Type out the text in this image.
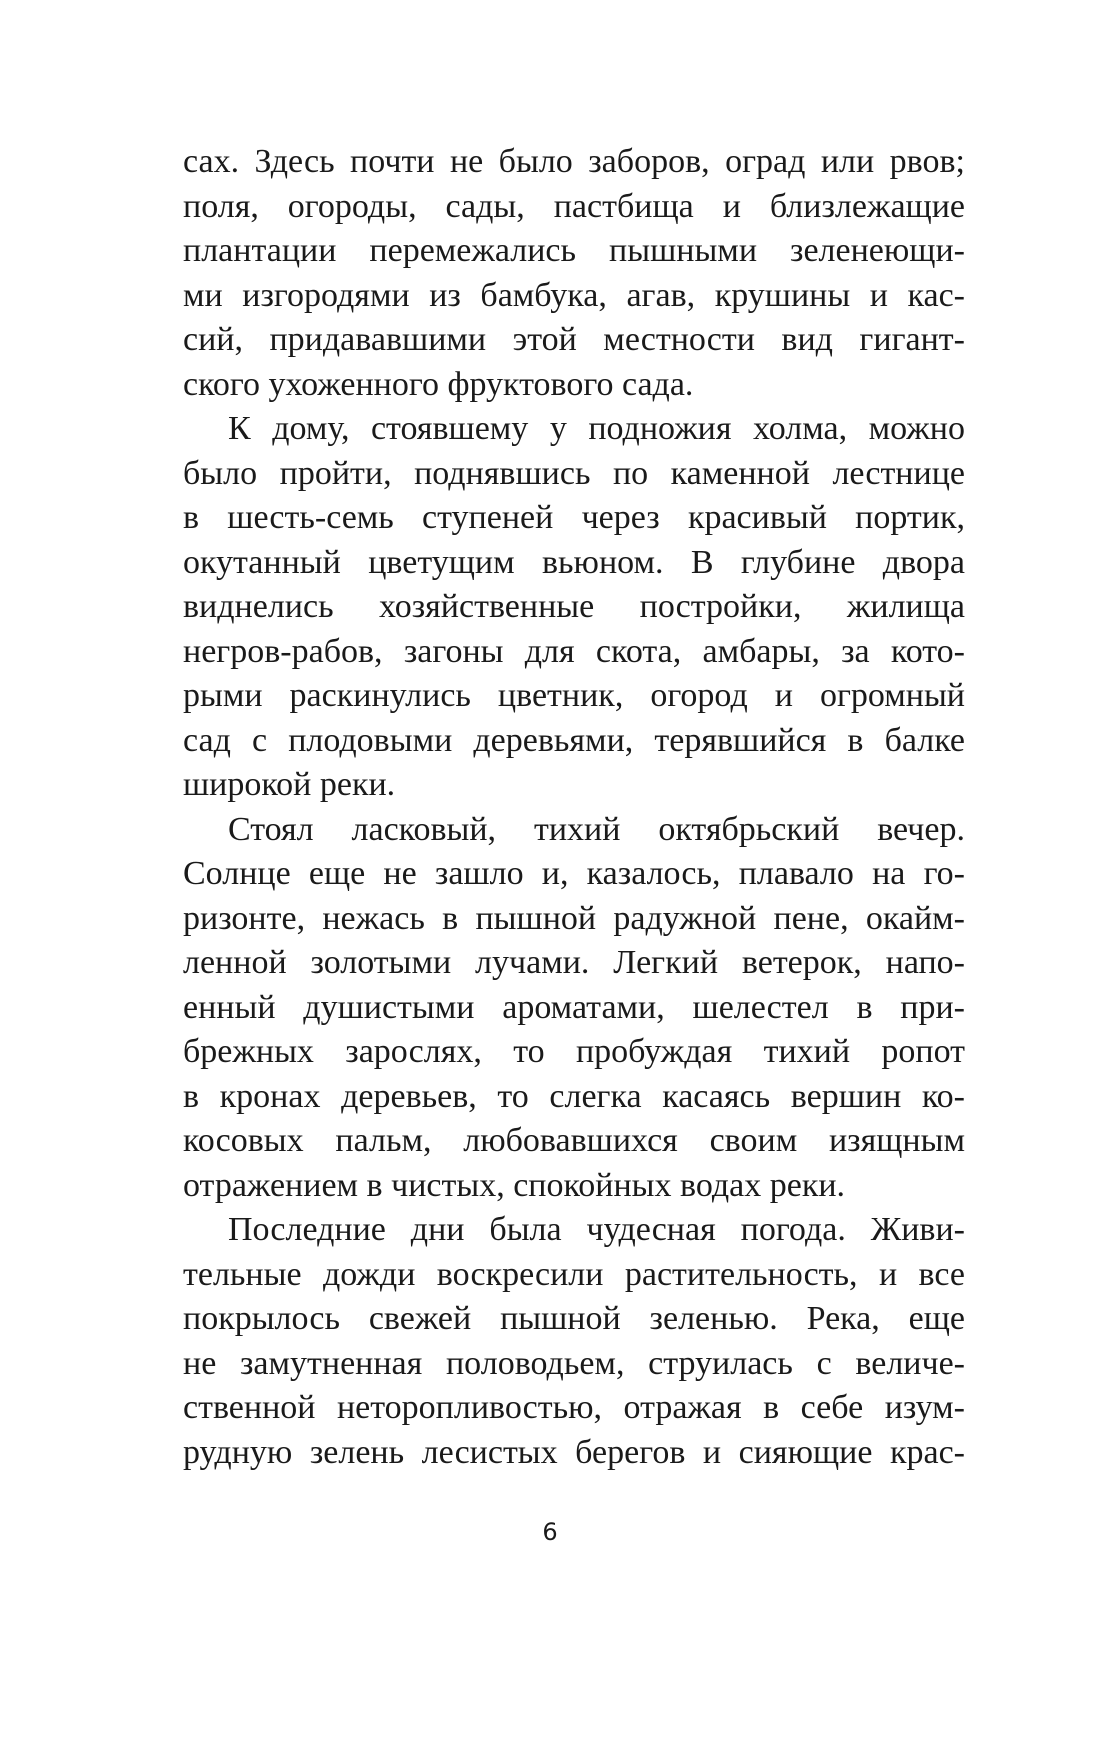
сах. Здесь почти не было заборов, оград или рвов;
поля, огороды, сады, пастбища и близлежащие
плантации перемежались пышными зеленеющи-
ми изгородями из бамбука, агав, крушины и кас-
сий, придававшими этой местности вид гигант-
ского ухоженного фруктового сада.
К дому, стоявшему у подножия холма, можно
было пройти, поднявшись по каменной лестнице
в шесть-семь ступеней через красивый портик,
окутанный цветущим вьюном. В глубине двора
виднелись хозяйственные постройки, жилища
негров-рабов, загоны для скота, амбары, за кото-
рыми раскинулись цветник, огород и огромный
сад с плодовыми деревьями, терявшийся в балке
широкой реки.
Стоял ласковый, тихий октябрьский вечер.
Солнце еще не зашло и, казалось, плавало на го-
ризонте, нежась в пышной радужной пене, окайм-
ленной золотыми лучами. Легкий ветерок, напо-
енный душистыми ароматами, шелестел в при-
брежных зарослях, то пробуждая тихий ропот
в кронах деревьев, то слегка касаясь вершин ко-
косовых пальм, любовавшихся своим изящным
отражением в чистых, спокойных водах реки.
Последние дни была чудесная погода. Живи-
тельные дожди воскресили растительность, и все
покрылось свежей пышной зеленью. Река, еще
не замутненная половодьем, струилась с величе-
ственной неторопливостью, отражая в себе изум-
рудную зелень лесистых берегов и сияющие крас-
6
